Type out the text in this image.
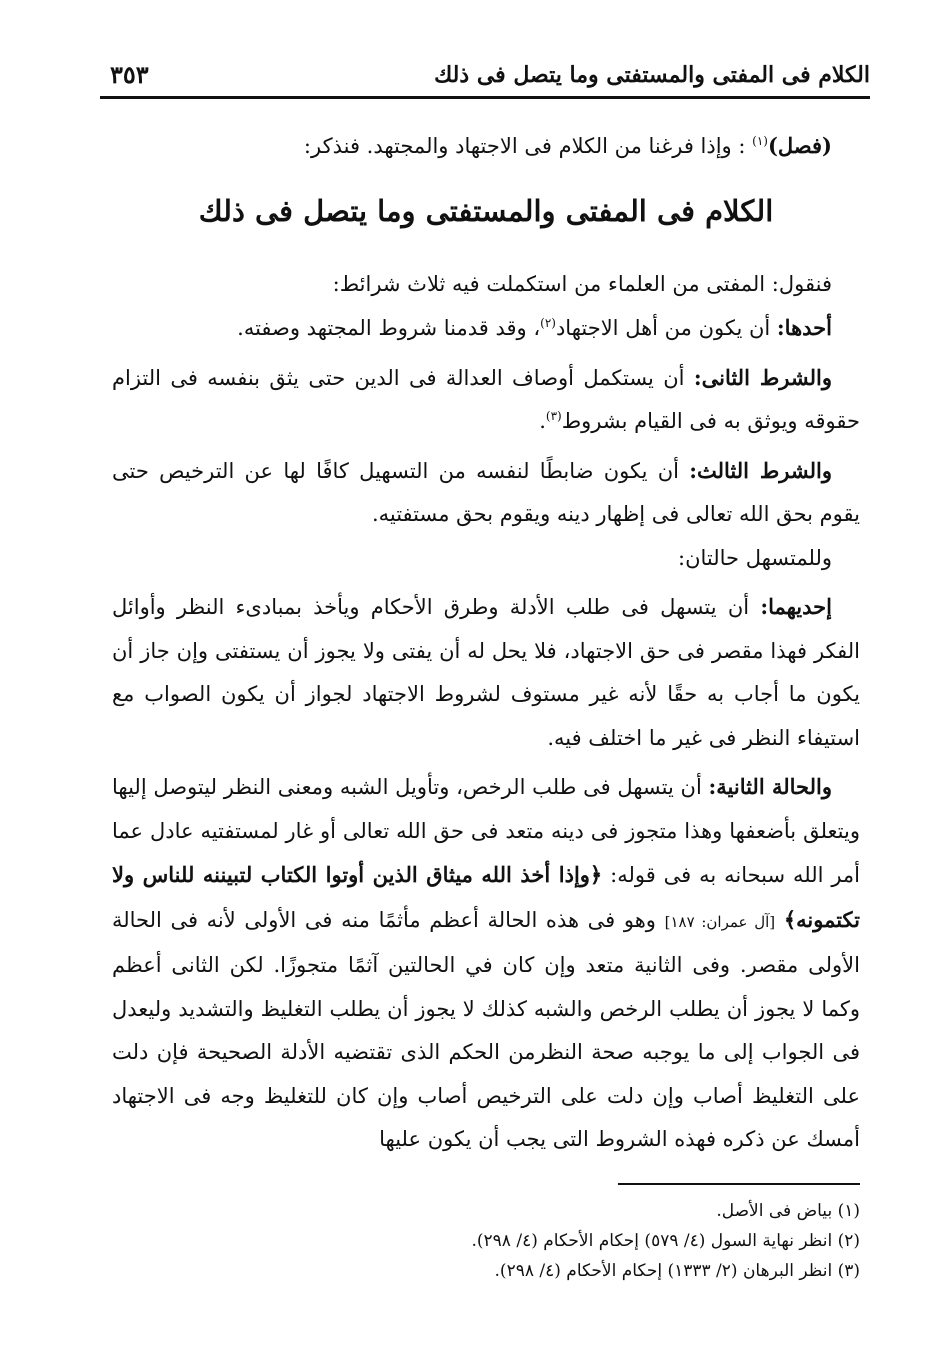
الكلام فى المفتى والمستفتى وما يتصل فى ذلك
٣٥٣

(فصل)$^{(١)}$ : وإذا فرغنا من الكلام فى الاجتهاد والمجتهد. فنذكر:

الكلام فى المفتى والمستفتى وما يتصل فى ذلك

فنقول: المفتى من العلماء من استكملت فيه ثلاث شرائط:

أحدها: أن يكون من أهل الاجتهاد$^{(٢)}$، وقد قدمنا شروط المجتهد وصفته.

والشرط الثانى: أن يستكمل أوصاف العدالة فى الدين حتى يثق بنفسه فى التزام حقوقه ويوثق به فى القيام بشروط$^{(٣)}$.

والشرط الثالث: أن يكون ضابطًا لنفسه من التسهيل كافًا لها عن الترخيص حتى يقوم بحق الله تعالى فى إظهار دينه ويقوم بحق مستفتيه.

وللمتسهل حالتان:

إحديهما: أن يتسهل فى طلب الأدلة وطرق الأحكام ويأخذ بمبادىء النظر وأوائل الفكر فهذا مقصر فى حق الاجتهاد، فلا يحل له أن يفتى ولا يجوز أن يستفتى وإن جاز أن يكون ما أجاب به حقًا لأنه غير مستوف لشروط الاجتهاد لجواز أن يكون الصواب مع استيفاء النظر فى غير ما اختلف فيه.

والحالة الثانية: أن يتسهل فى طلب الرخص، وتأويل الشبه ومعنى النظر ليتوصل إليها ويتعلق بأضعفها وهذا متجوز فى دينه متعد فى حق الله تعالى أو غار لمستفتيه عادل عما أمر الله سبحانه به فى قوله: ﴿وإذا أخذ الله ميثاق الذين أوتوا الكتاب لتبيننه للناس ولا تكتمونه﴾ [آل عمران: ١٨٧] وهو فى هذه الحالة أعظم مأثمًا منه فى الأولى لأنه فى الحالة الأولى مقصر. وفى الثانية متعد وإن كان في الحالتين آثمًا متجوزًا. لكن الثانى أعظم وكما لا يجوز أن يطلب الرخص والشبه كذلك لا يجوز أن يطلب التغليظ والتشديد وليعدل فى الجواب إلى ما يوجبه صحة النظرمن الحكم الذى تقتضيه الأدلة الصحيحة فإن دلت على التغليظ أصاب وإن دلت على الترخيص أصاب وإن كان للتغليظ وجه فى الاجتهاد أمسك عن ذكره فهذه الشروط التى يجب أن يكون عليها

(١) بياض فى الأصل.
(٢) انظر نهاية السول (٤/ ٥٧٩) إحكام الأحكام (٤/ ٢٩٨).
(٣) انظر البرهان (٢/ ١٣٣٣) إحكام الأحكام (٤/ ٢٩٨).
